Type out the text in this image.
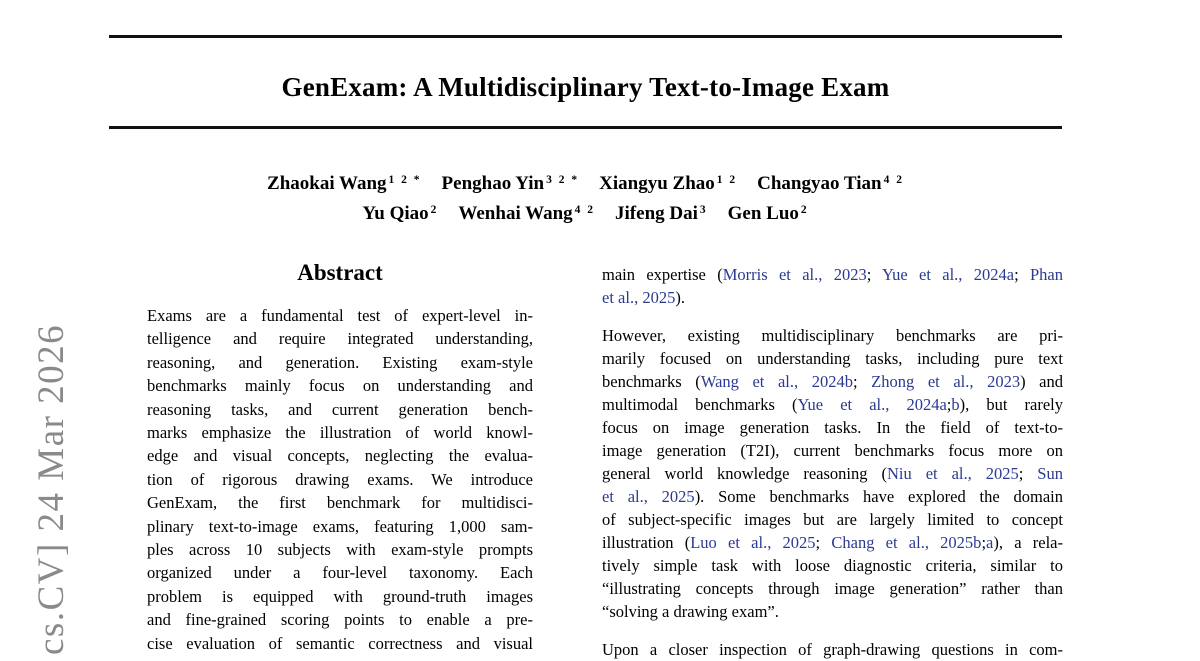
cs.CV] 24 Mar 2026
GenExam: A Multidisciplinary Text-to-Image Exam
Zhaokai Wang $^{1 2 *}$ Penghao Yin $^{3 2 *}$ Xiangyu Zhao $^{1 2}$ Changyao Tian $^{4 2}$
Yu Qiao $^2$ Wenhai Wang $^{4 2}$ Jifeng Dai $^3$ Gen Luo $^2$
Abstract
Exams are a fundamental test of expert-level in-
telligence and require integrated understanding,
reasoning, and generation. Existing exam-style
benchmarks mainly focus on understanding and
reasoning tasks, and current generation bench-
marks emphasize the illustration of world knowl-
edge and visual concepts, neglecting the evalua-
tion of rigorous drawing exams. We introduce
GenExam, the first benchmark for multidisci-
plinary text-to-image exams, featuring 1,000 sam-
ples across 10 subjects with exam-style prompts
organized under a four-level taxonomy. Each
problem is equipped with ground-truth images
and fine-grained scoring points to enable a pre-
cise evaluation of semantic correctness and visual
main expertise (Morris et al., 2023; Yue et al., 2024a; Phan
et al., 2025).
However, existing multidisciplinary benchmarks are pri-
marily focused on understanding tasks, including pure text
benchmarks (Wang et al., 2024b; Zhong et al., 2023) and
multimodal benchmarks (Yue et al., 2024a;b), but rarely
focus on image generation tasks. In the field of text-to-
image generation (T2I), current benchmarks focus more on
general world knowledge reasoning (Niu et al., 2025; Sun
et al., 2025). Some benchmarks have explored the domain
of subject-specific images but are largely limited to concept
illustration (Luo et al., 2025; Chang et al., 2025b;a), a rela-
tively simple task with loose diagnostic criteria, similar to
“illustrating concepts through image generation” rather than
“solving a drawing exam”.
Upon a closer inspection of graph-drawing questions in com-
